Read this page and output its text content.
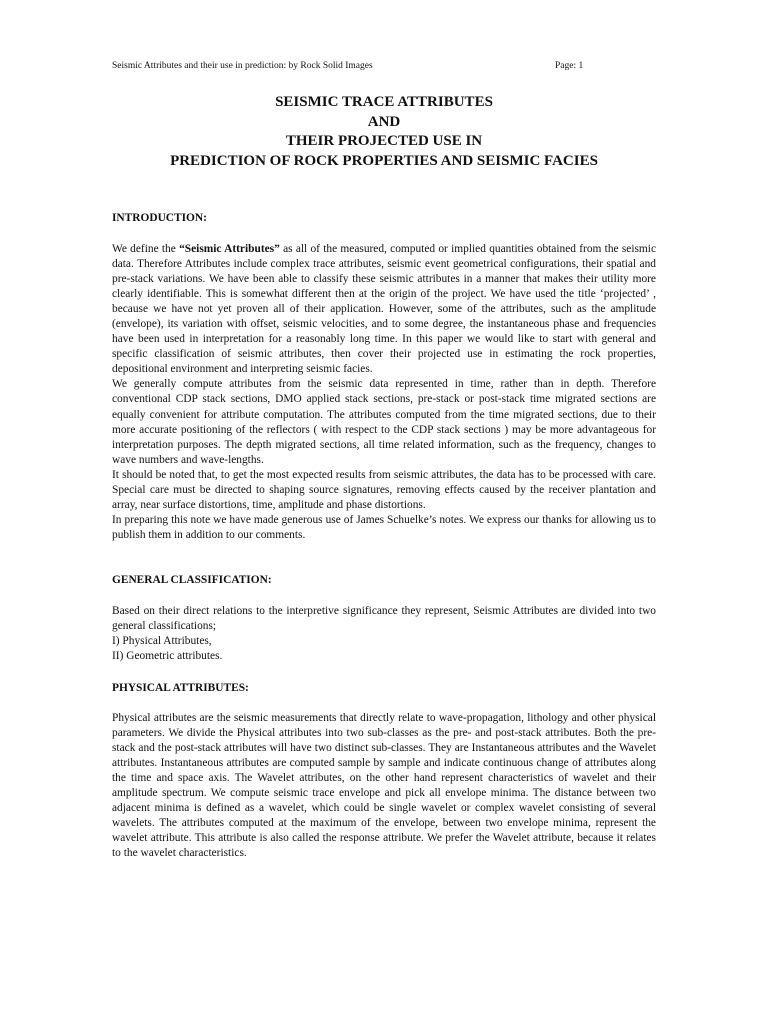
Seismic Attributes and their use in prediction: by Rock Solid Images	Page: 1
SEISMIC TRACE ATTRIBUTES
AND
THEIR PROJECTED USE IN
PREDICTION OF ROCK PROPERTIES AND SEISMIC FACIES
INTRODUCTION:

We define the “Seismic Attributes” as all of the measured, computed or implied quantities obtained from the seismic data. Therefore Attributes include complex trace attributes, seismic event geometrical configurations, their spatial and pre-stack variations. We have been able to classify these seismic attributes in a manner that makes their utility more clearly identifiable. This is somewhat different then at the origin of the project. We have used the title ‘projected’ , because we have not yet proven all of their application. However, some of the attributes, such as the amplitude (envelope), its variation with offset, seismic velocities, and to some degree, the instantaneous phase and frequencies have been used in interpretation for a reasonably long time. In this paper we would like to start with general and specific classification of seismic attributes, then cover their projected use in estimating the rock properties, depositional environment and interpreting seismic facies.

We generally compute attributes from the seismic data represented in time, rather than in depth. Therefore conventional CDP stack sections, DMO applied stack sections, pre-stack or post-stack time migrated sections are equally convenient for attribute computation. The attributes computed from the time migrated sections, due to their more accurate positioning of the reflectors ( with respect to the CDP stack sections ) may be more advantageous for interpretation purposes. The depth migrated sections, all time related information, such as the frequency, changes to wave numbers and wave-lengths.

It should be noted that, to get the most expected results from seismic attributes, the data has to be processed with care. Special care must be directed to shaping source signatures, removing effects caused by the receiver plantation and array, near surface distortions, time, amplitude and phase distortions.

In preparing this note we have made generous use of James Schuelke’s notes. We express our thanks for allowing us to publish them in addition to our comments.

GENERAL CLASSIFICATION:

Based on their direct relations to the interpretive significance they represent, Seismic Attributes are divided into two general classifications;

I) Physical Attributes,
II) Geometric attributes.
PHYSICAL ATTRIBUTES:

Physical attributes are the seismic measurements that directly relate to wave-propagation, lithology and other physical parameters. We divide the Physical attributes into two sub-classes as the pre- and post-stack attributes. Both the pre-stack and the post-stack attributes will have two distinct sub-classes. They are Instantaneous attributes and the Wavelet attributes. Instantaneous attributes are computed sample by sample and indicate continuous change of attributes along the time and space axis. The Wavelet attributes, on the other hand represent characteristics of wavelet and their amplitude spectrum. We compute seismic trace envelope and pick all envelope minima. The distance between two adjacent minima is defined as a wavelet, which could be single wavelet or complex wavelet consisting of several wavelets. The attributes computed at the maximum of the envelope, between two envelope minima, represent the wavelet attribute. This attribute is also called the response attribute. We prefer the Wavelet attribute, because it relates to the wavelet characteristics.
